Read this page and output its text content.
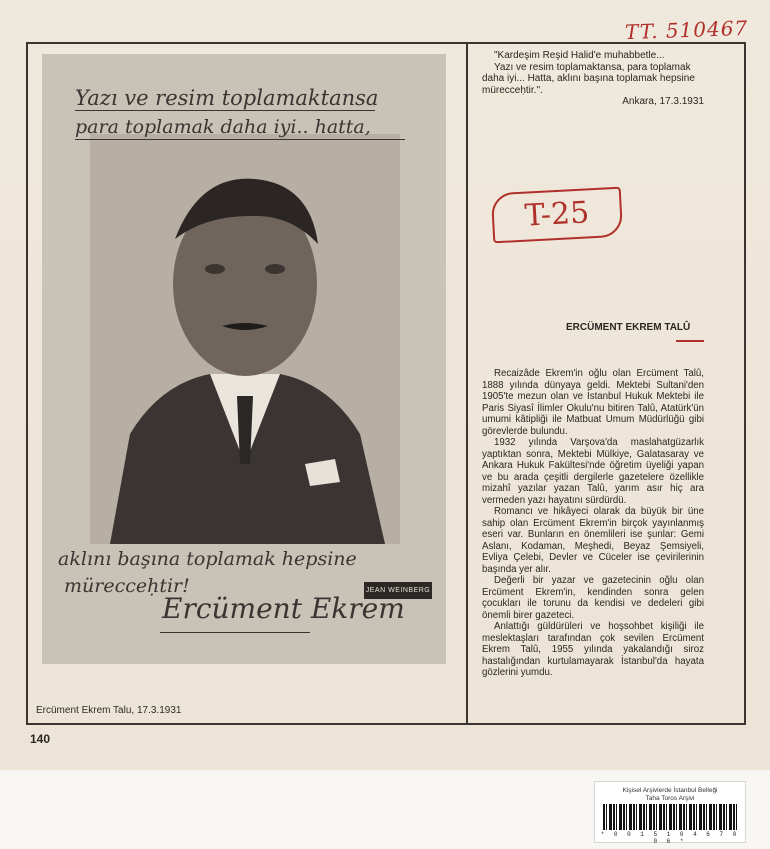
TT. 510467
JEAN WEINBERG
Yazı ve resim toplamaktansa
para toplamak daha iyi.. hatta,
aklını başına toplamak hepsine
mürecceḥtir!
Ercüment Ekrem
Ercüment Ekrem Talu, 17.3.1931
140

"Kardeşim Reşid Halid'e muhabbetle...

Yazı ve resim toplamaktansa, para toplamak daha iyi... Hatta, aklını başına toplamak hepsine mürecceḥtir.".

Ankara, 17.3.1931

T-25
ERCÜMENT EKREM TALÛ

Recaizâde Ekrem'in oğlu olan Ercüment Talû, 1888 yılında dünyaya geldi. Mektebi Sultani'den 1905'te mezun olan ve İstanbul Hukuk Mektebi ile Paris Siyasî İlimler Okulu'nu bitiren Talû, Atatürk'ün umumi kâtipliği ile Matbuat Umum Müdürlüğü gibi görevlerde bulundu.

1932 yılında Varşova'da maslahatgüzarlık yaptıktan sonra, Mektebi Mülkiye, Galatasaray ve Ankara Hukuk Fakültesi'nde öğretim üyeliği yapan ve bu arada çeşitli dergilerle gazetelere özellikle mizahî yazılar yazan Talû, yarım asır hiç ara vermeden yazı hayatını sürdürdü.

Romancı ve hikâyeci olarak da büyük bir üne sahip olan Ercüment Ekrem'in birçok yayınlanmış eseri var. Bunların en önemlileri ise şunlar: Gemi Aslanı, Kodaman, Meşhedi, Beyaz Şemsiyeli, Evliya Çelebi, Devler ve Cüceler ise çevirilerinin başında yer alır.

Değerli bir yazar ve gazetecinin oğlu olan Ercüment Ekrem'in, kendinden sonra gelen çocukları ile torunu da kendisi ve dedeleri gibi önemli birer gazeteci.

Anlattığı güldürüleri ve hoşsohbet kişiliği ile meslektaşları tarafından çok sevilen Ercüment Ekrem Talû, 1955 yılında yakalandığı siroz hastalığından kurtulamayarak İstanbul'da hayata gözlerini yumdu.

Kişisel Arşivlerde İstanbul Belleği
Taha Toros Arşivi
* 0 0 1 5 1 0 4 6 7 0 0 6 *
